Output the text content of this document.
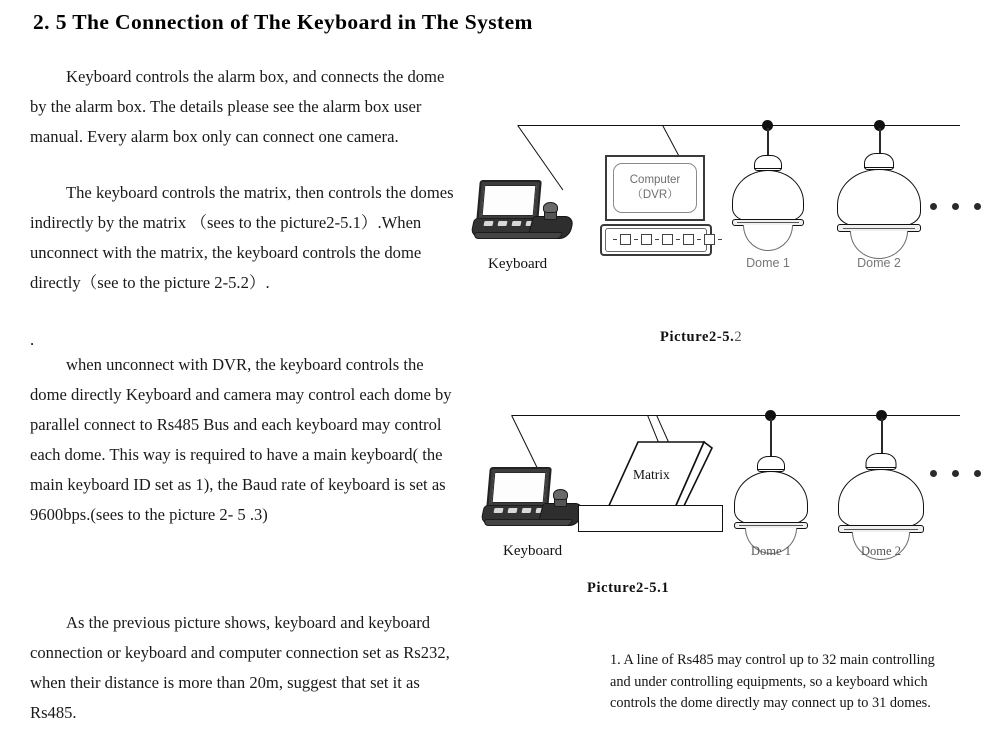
2. 5 The Connection of The Keyboard in The System
Keyboard controls the alarm box, and connects the dome by the alarm box. The details please see the alarm box user manual. Every alarm box only can connect one camera.
The keyboard controls the matrix, then controls the domes indirectly by the matrix （sees to the picture2-5.1）.When unconnect with the matrix, the keyboard controls the dome directly（see to the picture 2-5.2）.
.
when unconnect with DVR, the keyboard controls the dome directly Keyboard and camera may control each dome by parallel connect to Rs485 Bus and each keyboard may control each dome. This way is required to have a main keyboard( the main keyboard ID set as 1), the Baud rate of keyboard is set as 9600bps.(sees to the picture 2- 5 .3)
As the previous picture shows, keyboard and keyboard connection or keyboard and computer connection set as Rs232, when their distance is more than 20m, suggest that set it as Rs485.
Keyboard
Computer
（DVR）
Dome 1	Dome 2
Picture2-5.2
Keyboard
Matrix
Dome 1	Dome 2
Picture2-5.1
1. A line of Rs485 may control up to 32 main controlling and under controlling equipments, so a keyboard which controls the dome directly may connect up to 31 domes.
